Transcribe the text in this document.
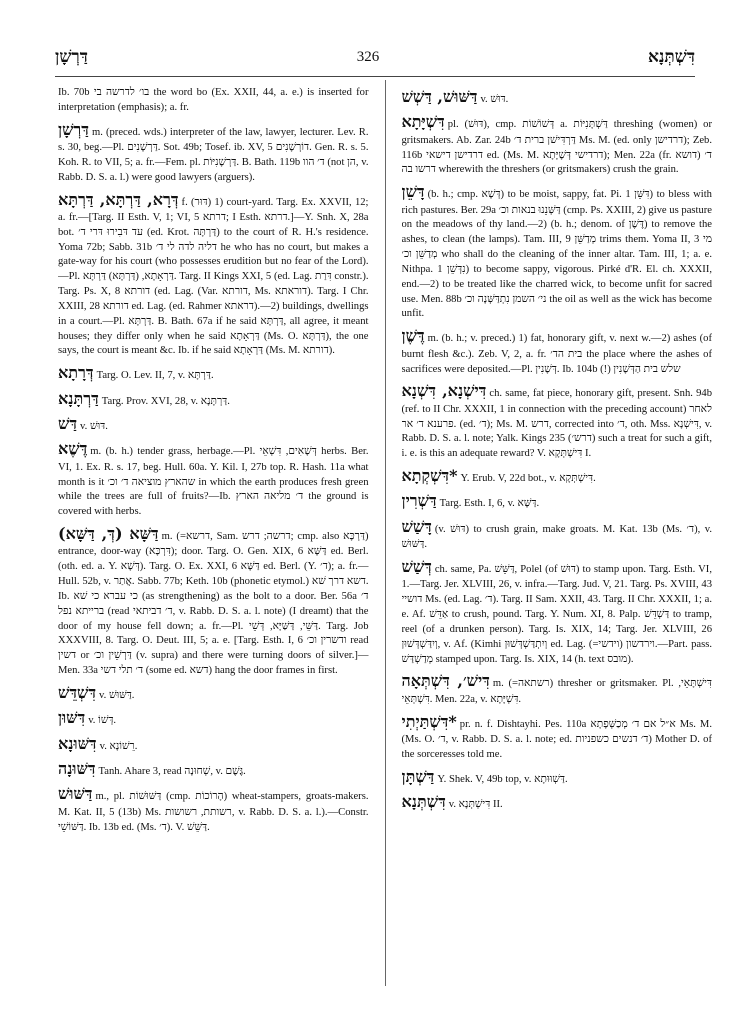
דַּרְשָׁן	326	דִּשְׁתְּנָא

Ib. 70b בו׳ לדרשה בי the word bo (Ex. XXII, 44, a. e.) is inserted for interpretation (emphasis); a. fr.

דַּרְשָׁן m. (preced. wds.) interpreter of the law, lawyer, lecturer. Lev. R. s. 30, beg.—Pl. דַּרְשָׁנִים. Sot. 49b; Tosef. ib. XV, 5 דוֹרְשָׁנִים. Gen. R. s. 5. Koh. R. to VII, 5; a. fr.—Fem. pl. דַּרְשָׁנִיּוֹת. B. Bath. 119b ד׳ הוו (not הן, v. Rabb. D. S. a. l.) were good lawyers (arguers).

דְּרָא, דַּרְתָּא, דַּרְתָּא f. (דּוּר) 1) court-yard. Targ. Ex. XXVII, 12; a. fr.—[Targ. II Esth. V, 1; VI, 5 דרתא; I Esth. דרתא.]—Y. Snh. X, 28a bot. עד דּבִירוּ דּרי ד׳ (ed. Krot. דַּרְתָּה) to the court of R. H.'s residence. Yoma 72b; Sabb. 31b דליה לדה לי ד׳ he who has no court, but makes a gate-way for his court (who possesses erudition but no fear of the Lord).—Pl. דַּרְאָתָא, (דַּרְתָּא) דַּרְתָּא. Targ. II Kings XXI, 5 (ed. Lag. דִּרַת constr.). Targ. Ps. X, 8 דורתא (ed. Lag. (Var. דורתא, Ms. דוראתא). Targ. I Chr. XXIII, 28 דורתא ed. Lag. (ed. Rahmer דראתא).—2) buildings, dwellings in a court.—Pl. דַּרְתָּא. B. Bath. 67a if he said דַּרְתָּא, all agree, it meant houses; they differ only when he said דַּרְאָתָא (Ms. O. דַּרְתָּא), the one says, the court is meant &c. Ib. if he said דַּרְאָתָא (Ms. M. דורתא).

דְּרָתָא Targ. O. Lev. II, 7, v. דַּרְתָּא.

דַּרְתָּנָא Targ. Prov. XVI, 28, v. דַּרְתָּנָא.

דַּשׁ v. דּוּשׁ.

דֶּשֶׁא m. (b. h.) tender grass, herbage.—Pl. דְּשָׁאִים, דִּשְׁאֵי herbs. Ber. VI, 1. Ex. R. s. 17, beg. Hull. 60a. Y. Kil. I, 27b top. R. Hash. 11a what month is it שהארץ מוציאה ד׳ וכ׳ in which the earth produces fresh green while the trees are full of fruits?—Ib. ד׳ מליאה הארץ the ground is covered with herbs.

דַּשָּׁא (דְּ, דַּשָּׁא) m. (=דרשא, Sam. דרשה; דרש; cmp. also דַּרְכָּא) entrance, door-way (דִּרְכָּא); door. Targ. O. Gen. XIX, 6 דַּשָּׁא ed. Berl. (oth. ed. a. Y. דְּשָׁא). Targ. O. Ex. XXI, 6 דַּשָּׁא ed. Berl. (Y. ד׳); a. fr.—Hull. 52b, v. אֲתַר. Sabb. 77b; Keth. 10b (phonetic etymol.) דשא דרך שׁא. Ib. כי עברא כי שׁא (as strengthening) as the bolt to a door. Ber. 56a ד׳ ברייתא נפל (read ד׳ דביתאי, v. Rabb. D. S. a. l. note) (I dreamt) that the door of my house fell down; a. fr.—Pl. דַּשֵּׁי, דַּשַּׁיָּא, דְּשֵׁי. Targ. Job XXXVIII, 8. Targ. O. Deut. III, 5; a. e. [Targ. Esth. I, 6 ודשרין וכ׳ read דשין or דַּרְשֵׁין וכ׳ (v. supra) and there were turning doors of silver.]—Men. 33a ד׳ תלי דשי (some ed. דשא) hang the door frames in first.

דִּשְׁדֵּשׁ v. דַּשּׁוּשׁ.

דִּשּׁוּן v. דְּשׁוֹ.

דִּשּׁוּנָא v. רֵשׁוֹנָא.

דִּשּׁוּנָה Tanh. Ahare 3, read שְׁחוּנָה, v. גֶּשֶׁם.

דַּשּׁוּשׁ m., pl. דַּשּׁוּשׁוֹת (cmp. הָרוֹכוֹת) wheat-stampers, groats-makers. M. Kat. II, 5 (13b) Ms. רשותת, רשושות, v. Rabb. D. S. a. l.).—Constr. דַּשּׁוֹשֵׁי. Ib. 13b ed. (Ms. ד׳). V. דַּשֵּׁשׁ.

דַּשּׁוּשׁ, דַּשְׁשׁ v. דּוּשׁ.

דִּשְׁיָּתָא pl. (דּוּשׁ), cmp. דְּשׁוֹשׁוֹת a. דַּשְׁתָּנִיּוֹת threshing (women) or gritsmakers. Ab. Zar. 24b דַּרְדִּישׁן ברית ד׳ Ms. M. (ed. only דרדישן); Zeb. 116b דרדישן דישאי ed. (Ms. M. דרדישי דְּשָׁיָּתָא); Men. 22a (fr. דושא) ד׳ דרשו בה wherewith the threshers (or gritsmakers) crush the grain.

דָּשֵׁן (b. h.; cmp. דְּשָׁא) to be moist, sappy, fat. Pi. דִּשֵּׁן 1) to bless with rich pastures. Ber. 29a דַּשְּׁנֵנוּ בנאות וכ׳ (cmp. Ps. XXIII, 2) give us pasture on the meadows of thy land.—2) (b. h.; denom. of דֶּשֶׁן) to remove the ashes, to clean (the lamps). Tam. III, 9 מְדַשֵּׁן trims them. Yoma II, 3 מי מְדַשֵּׁן וכ׳ who shall do the cleaning of the inner altar. Tam. III, 1; a. e. Nithpa. נִדְּשֵׁן 1) to become sappy, vigorous. Pirké d'R. El. ch. XXXII, end.—2) to be treated like the charred wick, to become unfit for sacred use. Men. 88b ני׳ השמן נִתְדַּשְּׁנָה וכ׳ the oil as well as the wick has become unfit.

דֶּשֶׁן m. (b. h.; v. preced.) 1) fat, honorary gift, v. next w.—2) ashes (of burnt flesh &c.). Zeb. V, 2, a. fr. בית הד׳ the place where the ashes of sacrifices were deposited.—Pl. דְּשָׁנִין. Ib. 104b (!) שלש בית הַדְּשָׁנִין

דִּישְׁנָא, דִּשְׁנָא ch. same, fat piece, honorary gift, present. Snh. 94b (ref. to II Chr. XXXII, 1 in connection with the preceding account) לאחר פרענא ד׳ אר. (ed. ד׳); Ms. M. דרש, corrected into ד׳, oth. Mss. דִּישְׁנָא, v. Rabb. D. S. a. l. note; Yalk. Kings 235 (דרש׳) such a treat for such a gift, i. e. is this an adequate reward? V. דִּישְׁתְּקָא I.

*דִּשְׁקְתָא Y. Erub. V, 22d bot., v. דִּישְׁתְּקָא.

דַּשְׁרִין Targ. Esth. I, 6, v. דַּשָּׁא.

דָּשַׁשׁ (v. דּוּשׁ) to crush grain, make groats. M. Kat. 13b (Ms. ד׳), v. דַּשּׁוּשׁ.

דְּשַׁשׁ ch. same, Pa. דַּשֵּׁשׁ, Polel (of דּוּשׁ) to stamp upon. Targ. Esth. VI, 1.—Targ. Jer. XLVIII, 26, v. infra.—Targ. Jud. V, 21. Targ. Ps. XVIII, 43 דושיי Ms. (ed. Lag. ד׳). Targ. II Sam. XXII, 43. Targ. II Chr. XXXII, 1; a. e. Af. אַדֵּשׁ to crush, pound. Targ. Y. Num. XI, 8. Palp. דַּשְׁדֵּשׁ to tramp, reel (of a drunken person). Targ. Is. XIX, 14; Targ. Jer. XLVIII, 26 וְיִדַּשְׁדְּשׁוּן, v. Af. (Kimhi וְיִתְדַּשְׁדְּשׁוּן ed. Lag. וירדשון (וידשי=).—Part. pass. מְדַשְׁדַּשׁ stamped upon. Targ. Is. XIX, 14 (h. text מובס).

דִּישׁ׳, דִּשְׁתְּאָה m. (=רשתאה) thresher or gritsmaker. Pl. דִּישְׁתָּאֵי, דִּשְׁתְּאֵי. Men. 22a, v. דִּשְׁיָּתָא.

*דִּשְׁתַּיְתִי pr. n. f. Dishtayhi. Pes. 110a א״ל אם ד׳ מְכַשְּׁפָתָא Ms. M. (Ms. O. ד׳, v. Rabb. D. S. a. l. note; ed. ד׳ דנשים כשפניות) Mother D. of the sorceresses told me.

דַּשְׁתָּן Y. Shek. V, 49b top, v. דַּשְׁוּוּתָא.

דִּשְׁתְּנָא v. דִּישְׁתְּנָא II.
